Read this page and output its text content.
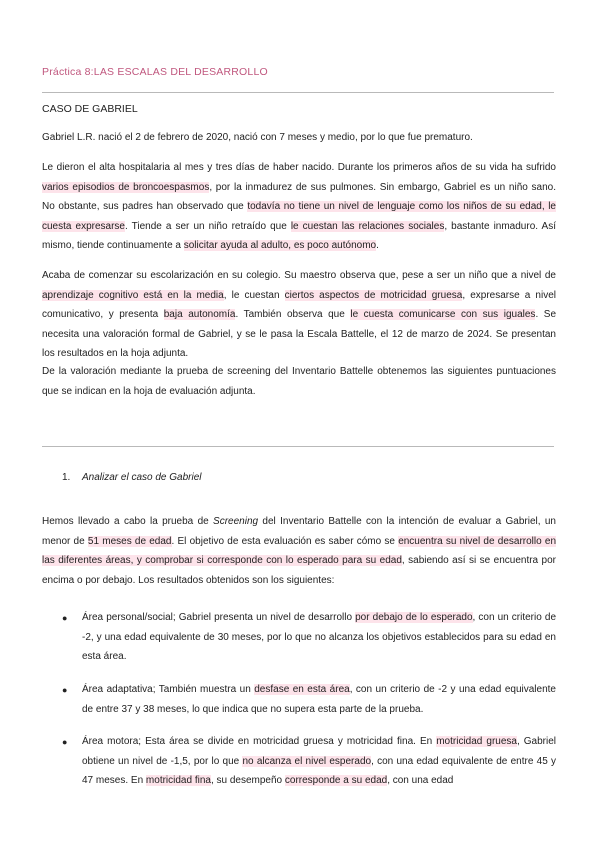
Práctica 8:LAS ESCALAS DEL DESARROLLO
CASO DE GABRIEL

Gabriel L.R. nació el 2 de febrero de 2020, nació con 7 meses y medio, por lo que fue prematuro.

Le dieron el alta hospitalaria al mes y tres días de haber nacido. Durante los primeros años de su vida ha sufrido varios episodios de broncoespasmos, por la inmadurez de sus pulmones. Sin embargo, Gabriel es un niño sano. No obstante, sus padres han observado que todavía no tiene un nivel de lenguaje como los niños de su edad, le cuesta expresarse. Tiende a ser un niño retraído que le cuestan las relaciones sociales, bastante inmaduro. Así mismo, tiende continuamente a solicitar ayuda al adulto, es poco autónomo.

Acaba de comenzar su escolarización en su colegio. Su maestro observa que, pese a ser un niño que a nivel de aprendizaje cognitivo está en la media, le cuestan ciertos aspectos de motricidad gruesa, expresarse a nivel comunicativo, y presenta baja autonomía. También observa que le cuesta comunicarse con sus iguales. Se necesita una valoración formal de Gabriel, y se le pasa la Escala Battelle, el 12 de marzo de 2024. Se presentan los resultados en la hoja adjunta.

De la valoración mediante la prueba de screening del Inventario Battelle obtenemos las siguientes puntuaciones que se indican en la hoja de evaluación adjunta.

1. Analizar el caso de Gabriel

Hemos llevado a cabo la prueba de Screening del Inventario Battelle con la intención de evaluar a Gabriel, un menor de 51 meses de edad. El objetivo de esta evaluación es saber cómo se encuentra su nivel de desarrollo en las diferentes áreas, y comprobar si corresponde con lo esperado para su edad, sabiendo así si se encuentra por encima o por debajo. Los resultados obtenidos son los siguientes:

● Área personal/social; Gabriel presenta un nivel de desarrollo por debajo de lo esperado, con un criterio de -2, y una edad equivalente de 30 meses, por lo que no alcanza los objetivos establecidos para su edad en esta área.

● Área adaptativa; También muestra un desfase en esta área, con un criterio de -2 y una edad equivalente de entre 37 y 38 meses, lo que indica que no supera esta parte de la prueba.

● Área motora; Esta área se divide en motricidad gruesa y motricidad fina. En motricidad gruesa, Gabriel obtiene un nivel de -1,5, por lo que no alcanza el nivel esperado, con una edad equivalente de entre 45 y 47 meses. En motricidad fina, su desempeño corresponde a su edad, con una edad
